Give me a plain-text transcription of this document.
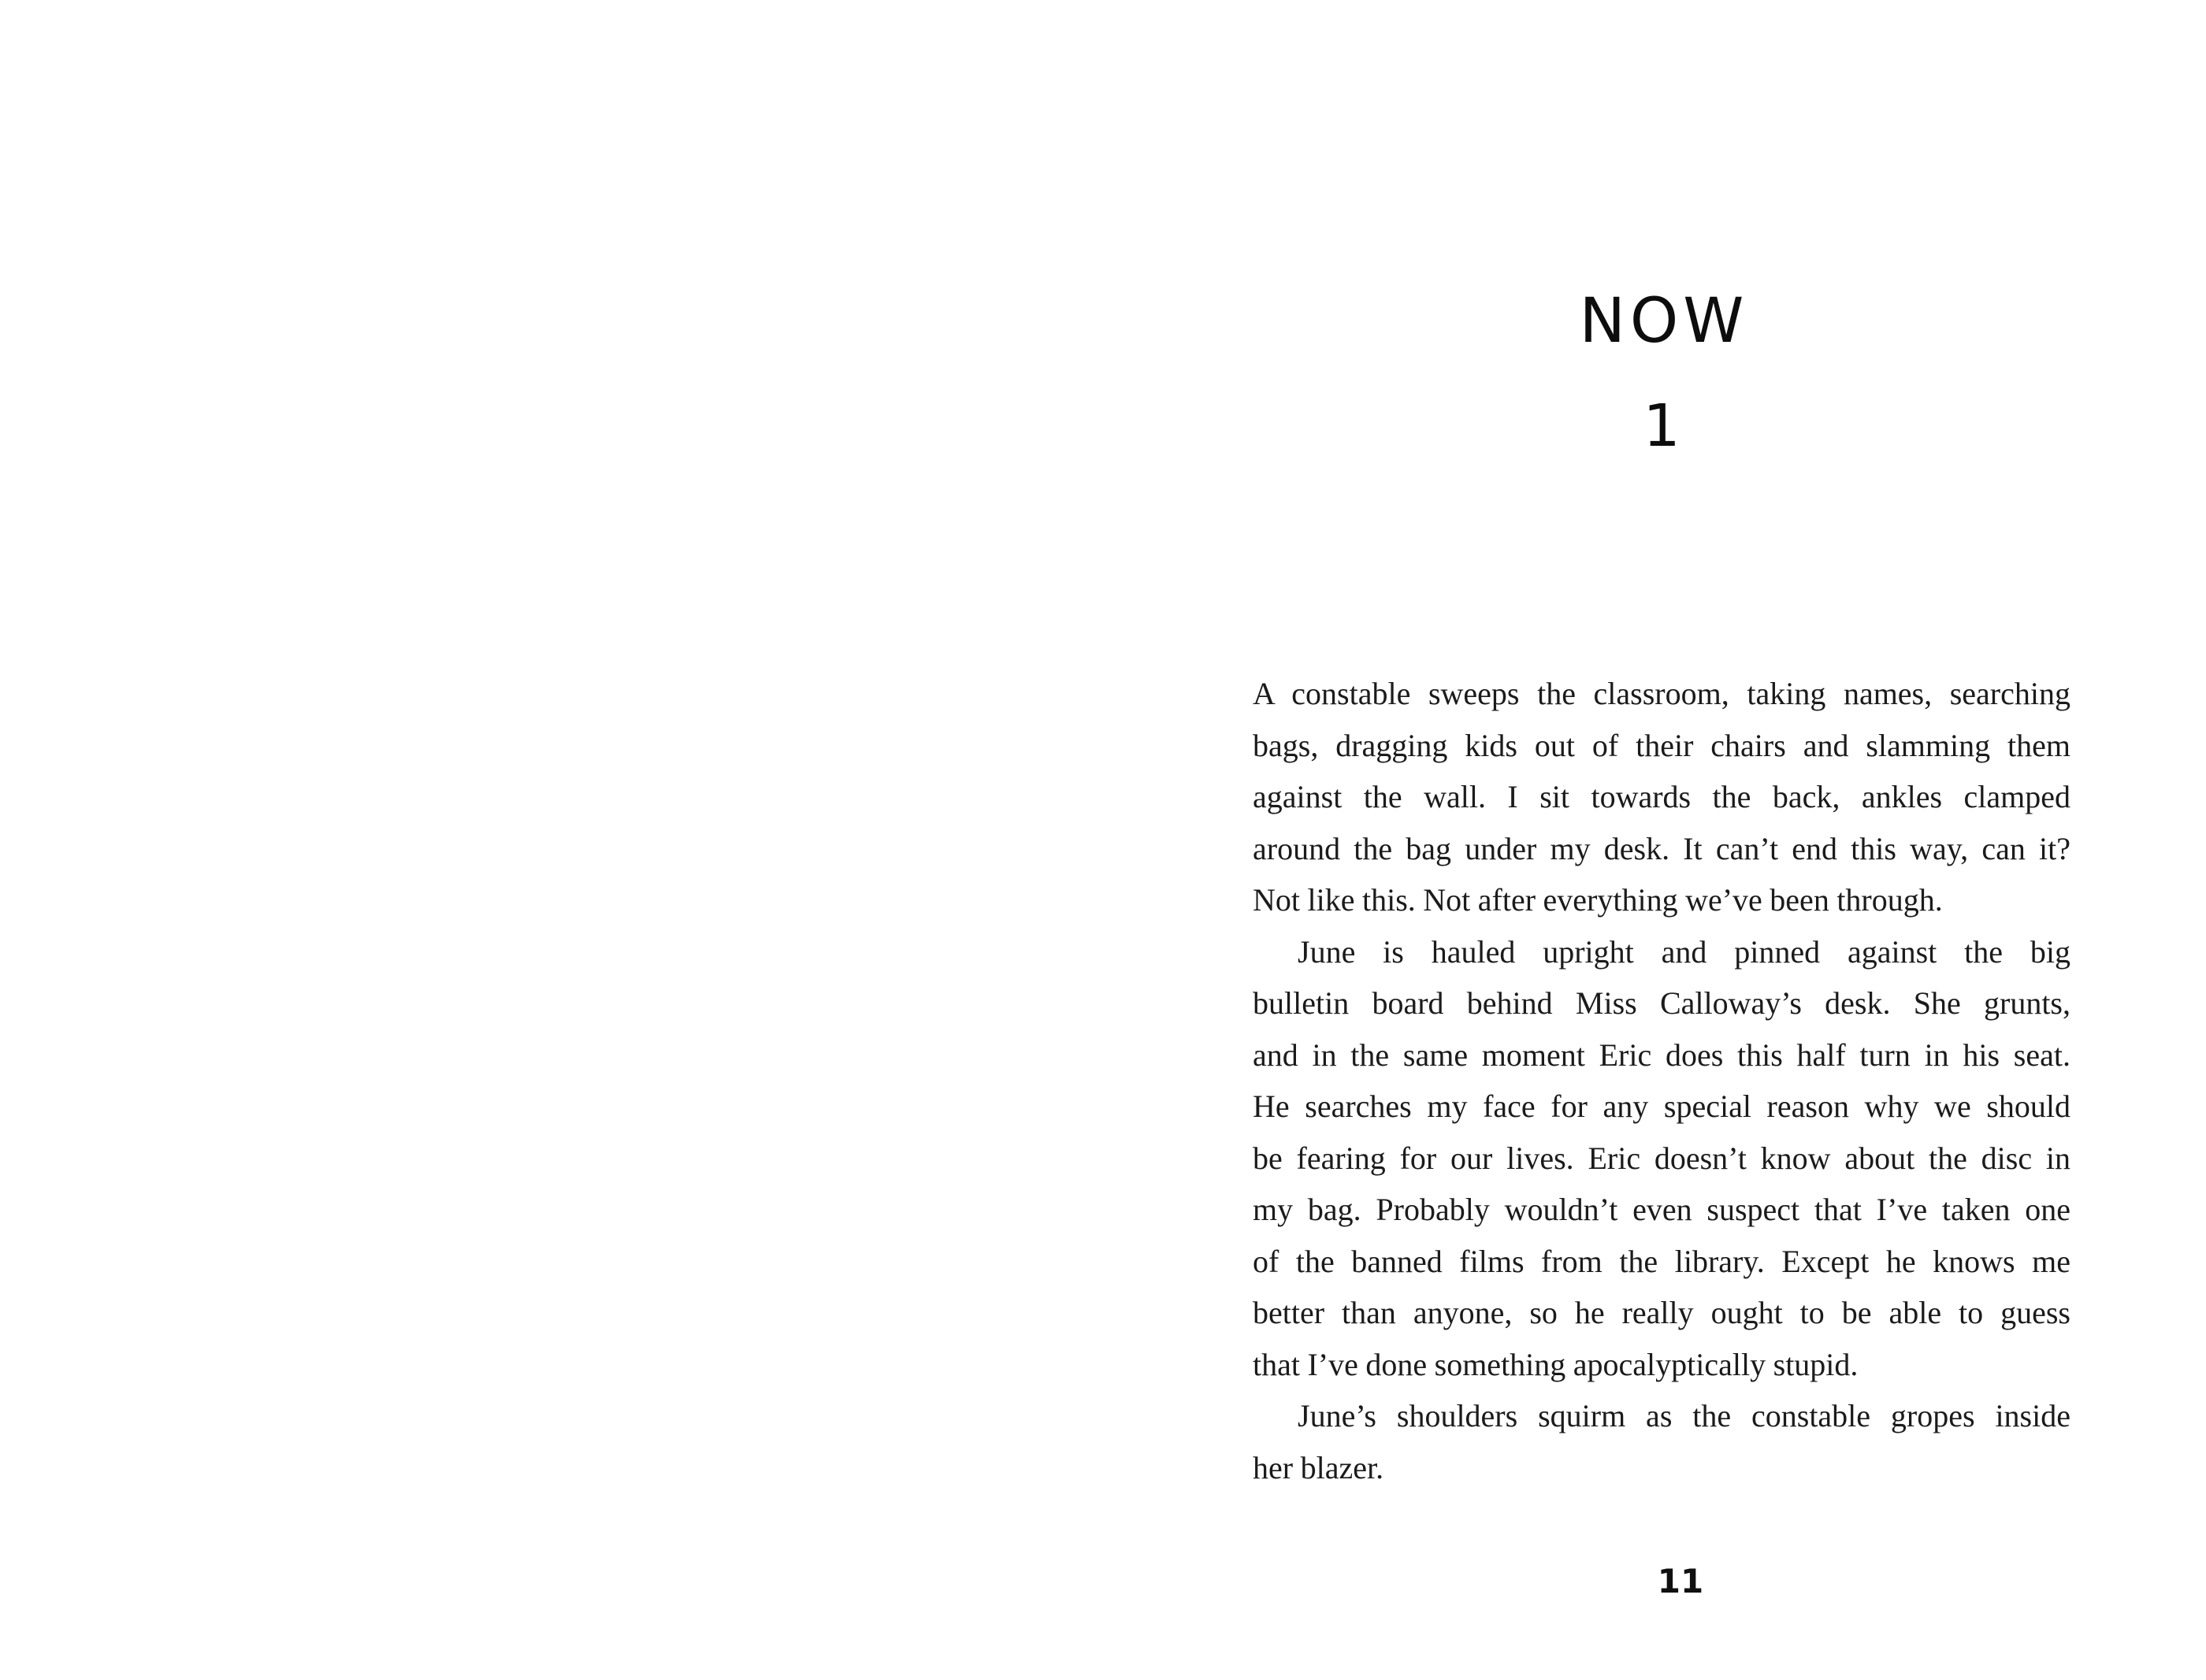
NOW
1
A constable sweeps the classroom, taking names, searching
bags, dragging kids out of their chairs and slamming them
against the wall. I sit towards the back, ankles clamped
around the bag under my desk. It can’t end this way, can it?
Not like this. Not after everything we’ve been through.
June is hauled upright and pinned against the big
bulletin board behind Miss Calloway’s desk. She grunts,
and in the same moment Eric does this half turn in his seat.
He searches my face for any special reason why we should
be fearing for our lives. Eric doesn’t know about the disc in
my bag. Probably wouldn’t even suspect that I’ve taken one
of the banned films from the library. Except he knows me
better than anyone, so he really ought to be able to guess
that I’ve done something apocalyptically stupid.
June’s shoulders squirm as the constable gropes inside
her blazer.
11
